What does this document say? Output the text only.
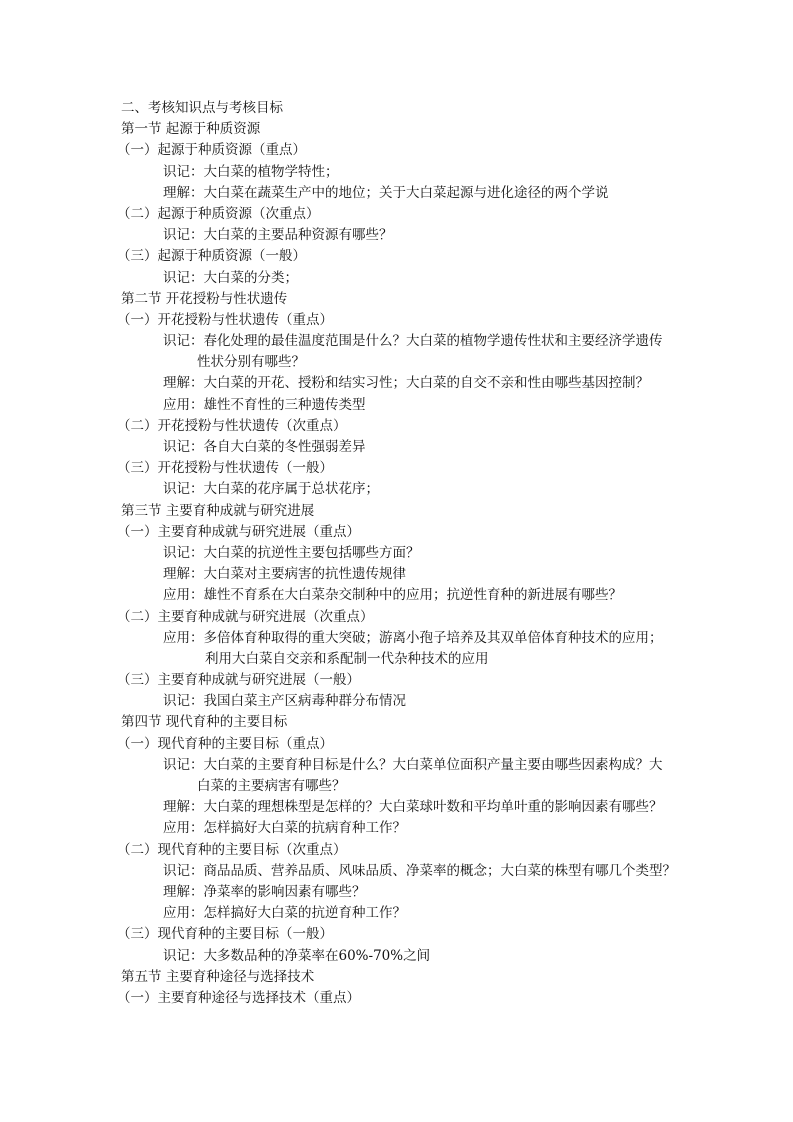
二、考核知识点与考核目标
第一节 起源于种质资源
（一）起源于种质资源（重点）
识记：大白菜的植物学特性；
理解：大白菜在蔬菜生产中的地位；关于大白菜起源与进化途径的两个学说
（二）起源于种质资源（次重点）
识记：大白菜的主要品种资源有哪些？
（三）起源于种质资源（一般）
识记：大白菜的分类；
第二节 开花授粉与性状遗传
（一）开花授粉与性状遗传（重点）
识记：春化处理的最佳温度范围是什么？大白菜的植物学遗传性状和主要经济学遗传
性状分别有哪些？
理解：大白菜的开花、授粉和结实习性；大白菜的自交不亲和性由哪些基因控制？
应用：雄性不育性的三种遗传类型
（二）开花授粉与性状遗传（次重点）
识记：各自大白菜的冬性强弱差异
（三）开花授粉与性状遗传（一般）
识记：大白菜的花序属于总状花序；
第三节 主要育种成就与研究进展
（一）主要育种成就与研究进展（重点）
识记：大白菜的抗逆性主要包括哪些方面？
理解：大白菜对主要病害的抗性遗传规律
应用：雄性不育系在大白菜杂交制种中的应用；抗逆性育种的新进展有哪些？
（二）主要育种成就与研究进展（次重点）
应用：多倍体育种取得的重大突破；游离小孢子培养及其双单倍体育种技术的应用；
利用大白菜自交亲和系配制一代杂种技术的应用
（三）主要育种成就与研究进展（一般）
识记：我国白菜主产区病毒种群分布情况
第四节 现代育种的主要目标
（一）现代育种的主要目标（重点）
识记：大白菜的主要育种目标是什么？大白菜单位面积产量主要由哪些因素构成？大
白菜的主要病害有哪些？
理解：大白菜的理想株型是怎样的？大白菜球叶数和平均单叶重的影响因素有哪些？
应用：怎样搞好大白菜的抗病育种工作？
（二）现代育种的主要目标（次重点）
识记：商品品质、营养品质、风味品质、净菜率的概念；大白菜的株型有哪几个类型？
理解：净菜率的影响因素有哪些？
应用：怎样搞好大白菜的抗逆育种工作？
（三）现代育种的主要目标（一般）
识记：大多数品种的净菜率在60%-70%之间
第五节 主要育种途径与选择技术
（一）主要育种途径与选择技术（重点）
